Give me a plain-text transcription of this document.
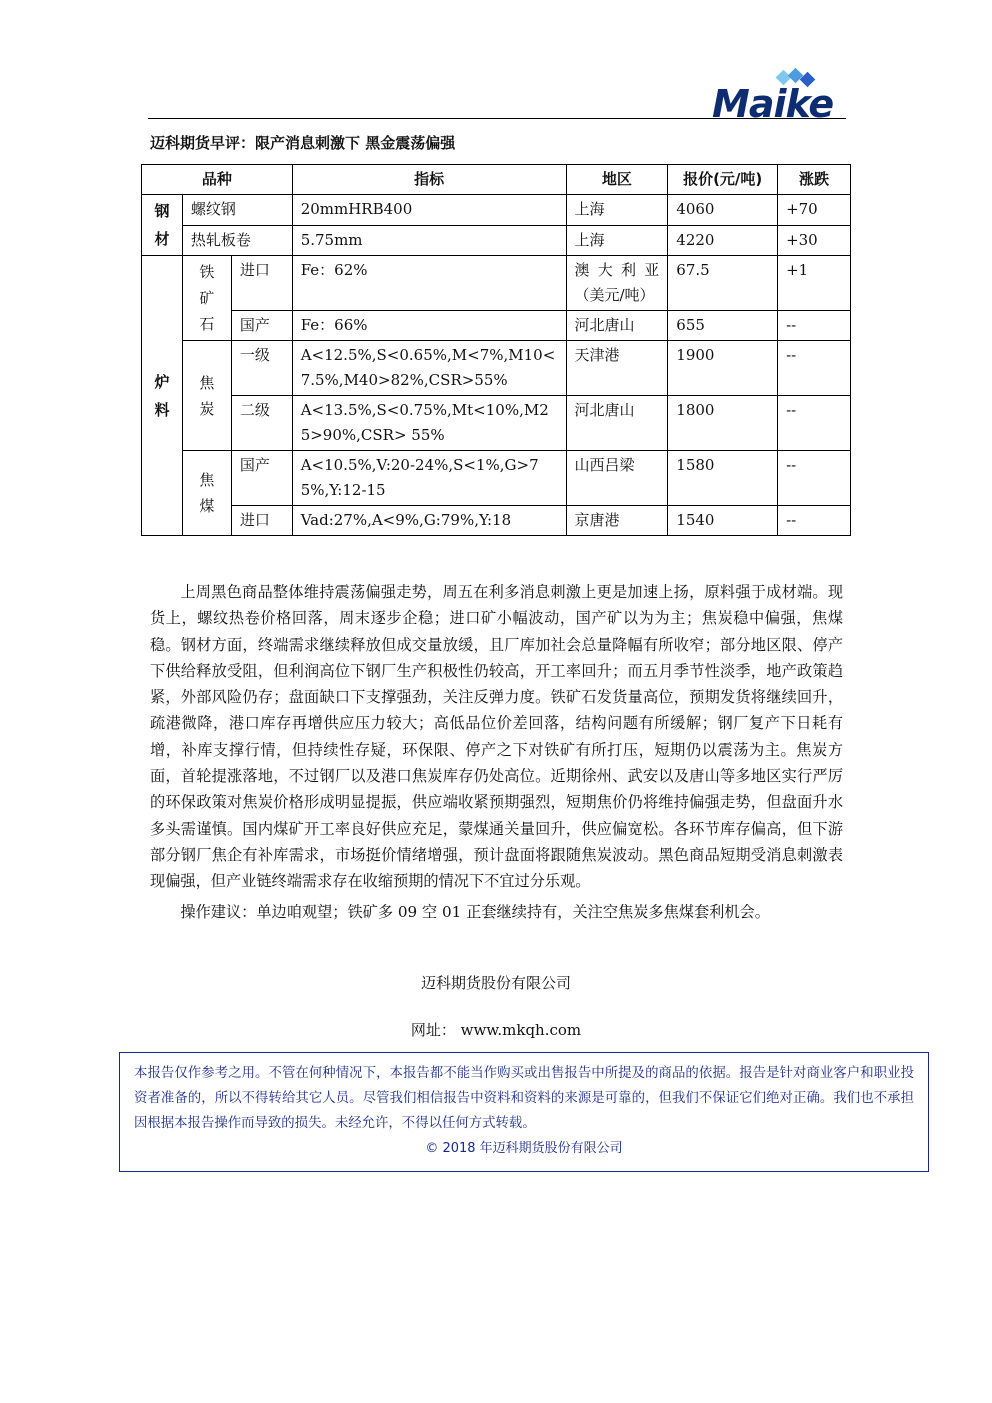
Maike
迈科期货早评：限产消息刺激下 黑金震荡偏强
品种			指标	地区	报价(元/吨)	涨跌
钢材	螺纹钢		20mmHRB400	上海	4060	+70
	热轧板卷		5.75mm	上海	4220	+30
炉料	铁矿石	进口	Fe：62%	澳 大 利 亚（美元/吨）	67.5	+1
		国产	Fe：66%	河北唐山	655	--
	焦炭	一级	A<12.5%,S<0.65%,M<7%,M10<7.5%,M40>82%,CSR>55%	天津港	1900	--
		二级	A<13.5%,S<0.75%,Mt<10%,M25>90%,CSR> 55%	河北唐山	1800	--
	焦煤	国产	A<10.5%,V:20-24%,S<1%,G>75%,Y:12-15	山西吕梁	1580	--
		进口	Vad:27%,A<9%,G:79%,Y:18	京唐港	1540	--

上周黑色商品整体维持震荡偏强走势，周五在利多消息刺激上更是加速上扬，原料强于成材端。现货上，螺纹热卷价格回落，周末逐步企稳；进口矿小幅波动，国产矿以为为主；焦炭稳中偏强，焦煤稳。钢材方面，终端需求继续释放但成交量放缓，且厂库加社会总量降幅有所收窄；部分地区限、停产下供给释放受阻，但利润高位下钢厂生产积极性仍较高，开工率回升；而五月季节性淡季，地产政策趋紧，外部风险仍存；盘面缺口下支撑强劲，关注反弹力度。铁矿石发货量高位，预期发货将继续回升，疏港微降，港口库存再增供应压力较大；高低品位价差回落，结构问题有所缓解；钢厂复产下日耗有增，补库支撑行情，但持续性存疑，环保限、停产之下对铁矿有所打压，短期仍以震荡为主。焦炭方面，首轮提涨落地，不过钢厂以及港口焦炭库存仍处高位。近期徐州、武安以及唐山等多地区实行严厉的环保政策对焦炭价格形成明显提振，供应端收紧预期强烈，短期焦价仍将维持偏强走势，但盘面升水多头需谨慎。国内煤矿开工率良好供应充足，蒙煤通关量回升，供应偏宽松。各环节库存偏高，但下游部分钢厂焦企有补库需求，市场挺价情绪增强，预计盘面将跟随焦炭波动。黑色商品短期受消息刺激表现偏强，但产业链终端需求存在收缩预期的情况下不宜过分乐观。

操作建议：单边咱观望；铁矿多 09 空 01 正套继续持有，关注空焦炭多焦煤套利机会。

迈科期货股份有限公司
网址： www.mkqh.com
本报告仅作参考之用。不管在何种情况下，本报告都不能当作购买或出售报告中所提及的商品的依据。报告是针对商业客户和职业投资者准备的，所以不得转给其它人员。尽管我们相信报告中资料和资料的来源是可靠的，但我们不保证它们绝对正确。我们也不承担因根据本报告操作而导致的损失。未经允许，不得以任何方式转载。
© 2018 年迈科期货股份有限公司
